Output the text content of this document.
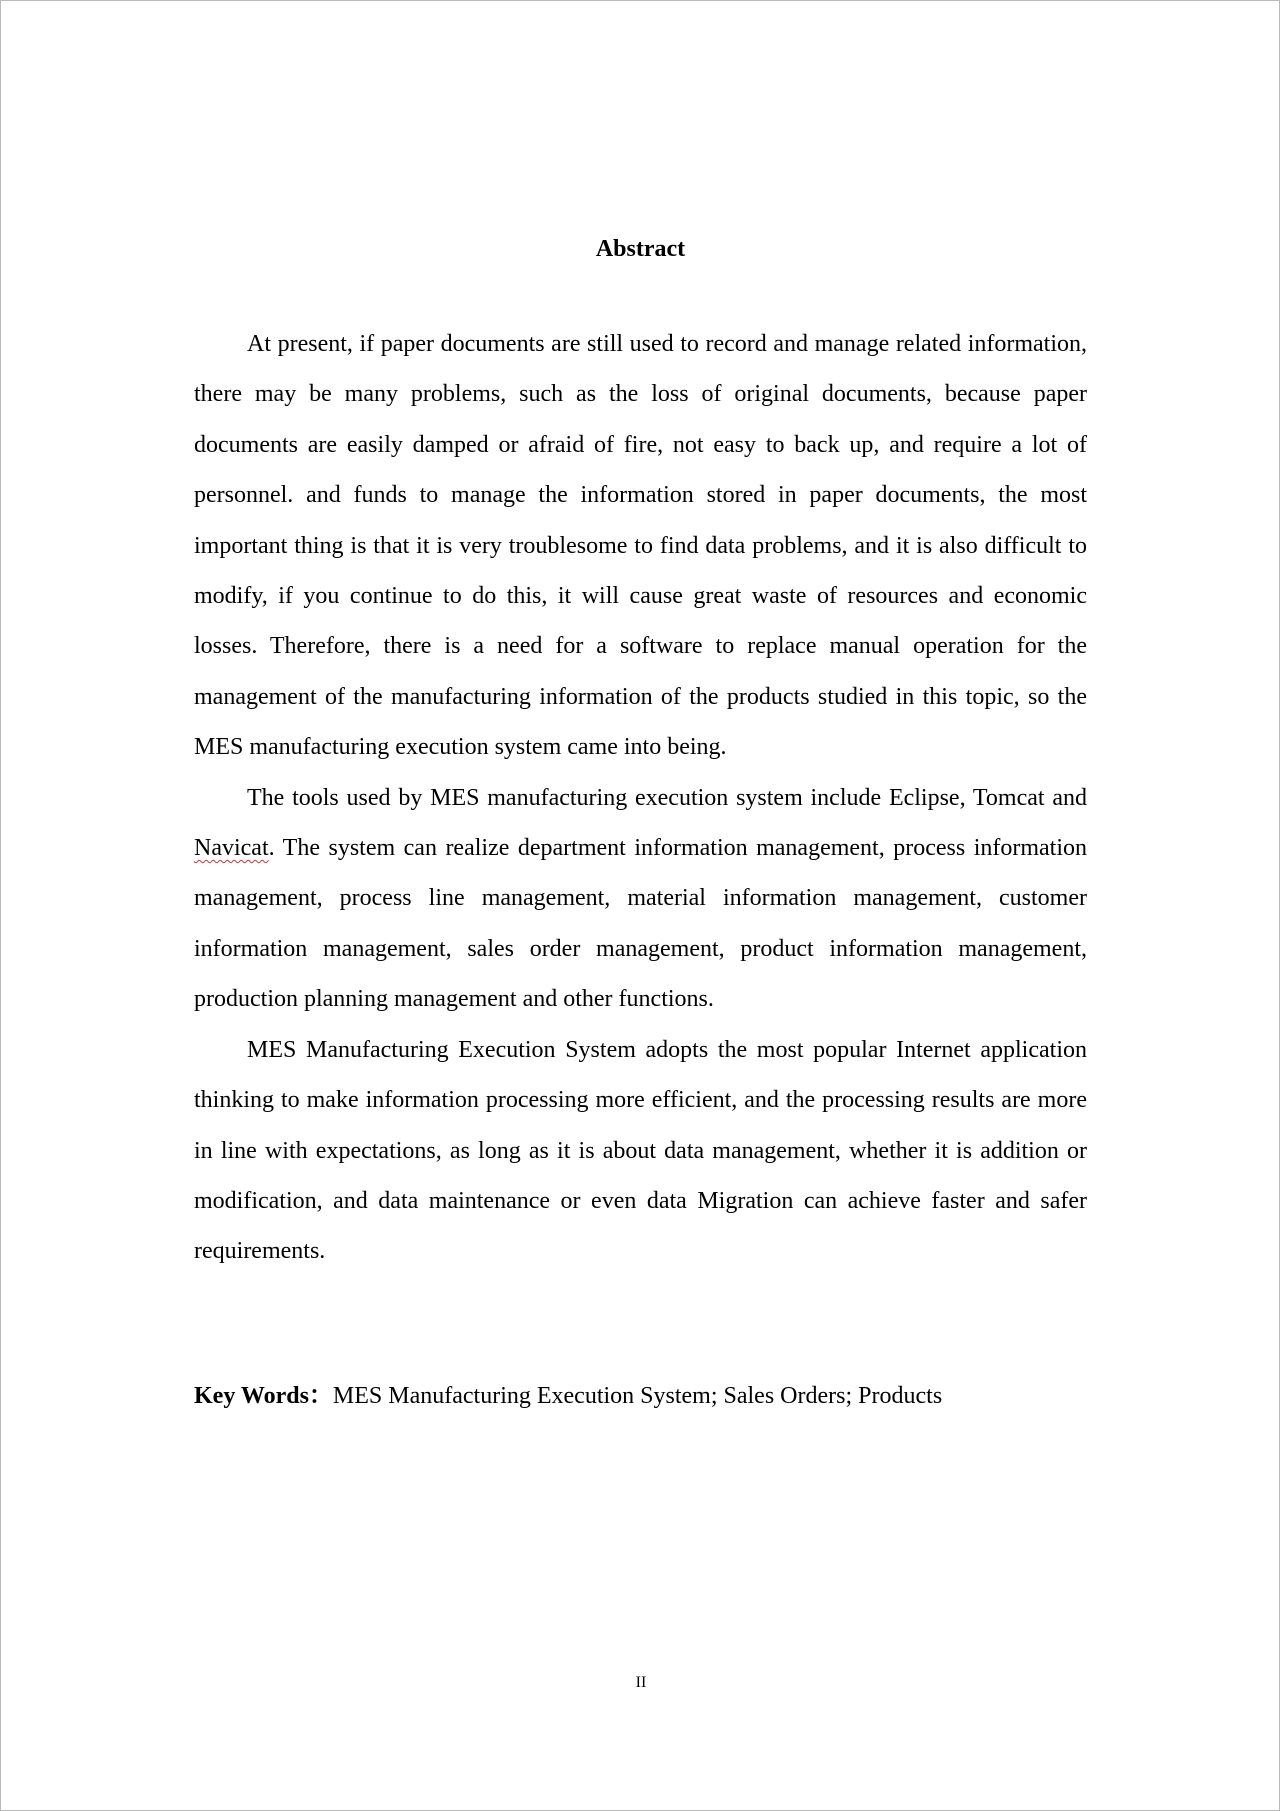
Abstract

At present, if paper documents are still used to record and manage related information, there may be many problems, such as the loss of original documents, because paper documents are easily damped or afraid of fire, not easy to back up, and require a lot of personnel. and funds to manage the information stored in paper documents, the most important thing is that it is very troublesome to find data problems, and it is also difficult to modify, if you continue to do this, it will cause great waste of resources and economic losses. Therefore, there is a need for a software to replace manual operation for the management of the manufacturing information of the products studied in this topic, so the MES manufacturing execution system came into being.

The tools used by MES manufacturing execution system include Eclipse, Tomcat and Navicat. The system can realize department information management, process information management, process line management, material information management, customer information management, sales order management, product information management, production planning management and other functions.

MES Manufacturing Execution System adopts the most popular Internet application thinking to make information processing more efficient, and the processing results are more in line with expectations, as long as it is about data management, whether it is addition or modification, and data maintenance or even data Migration can achieve faster and safer requirements.

Key Words：MES Manufacturing Execution System; Sales Orders; Products
II
